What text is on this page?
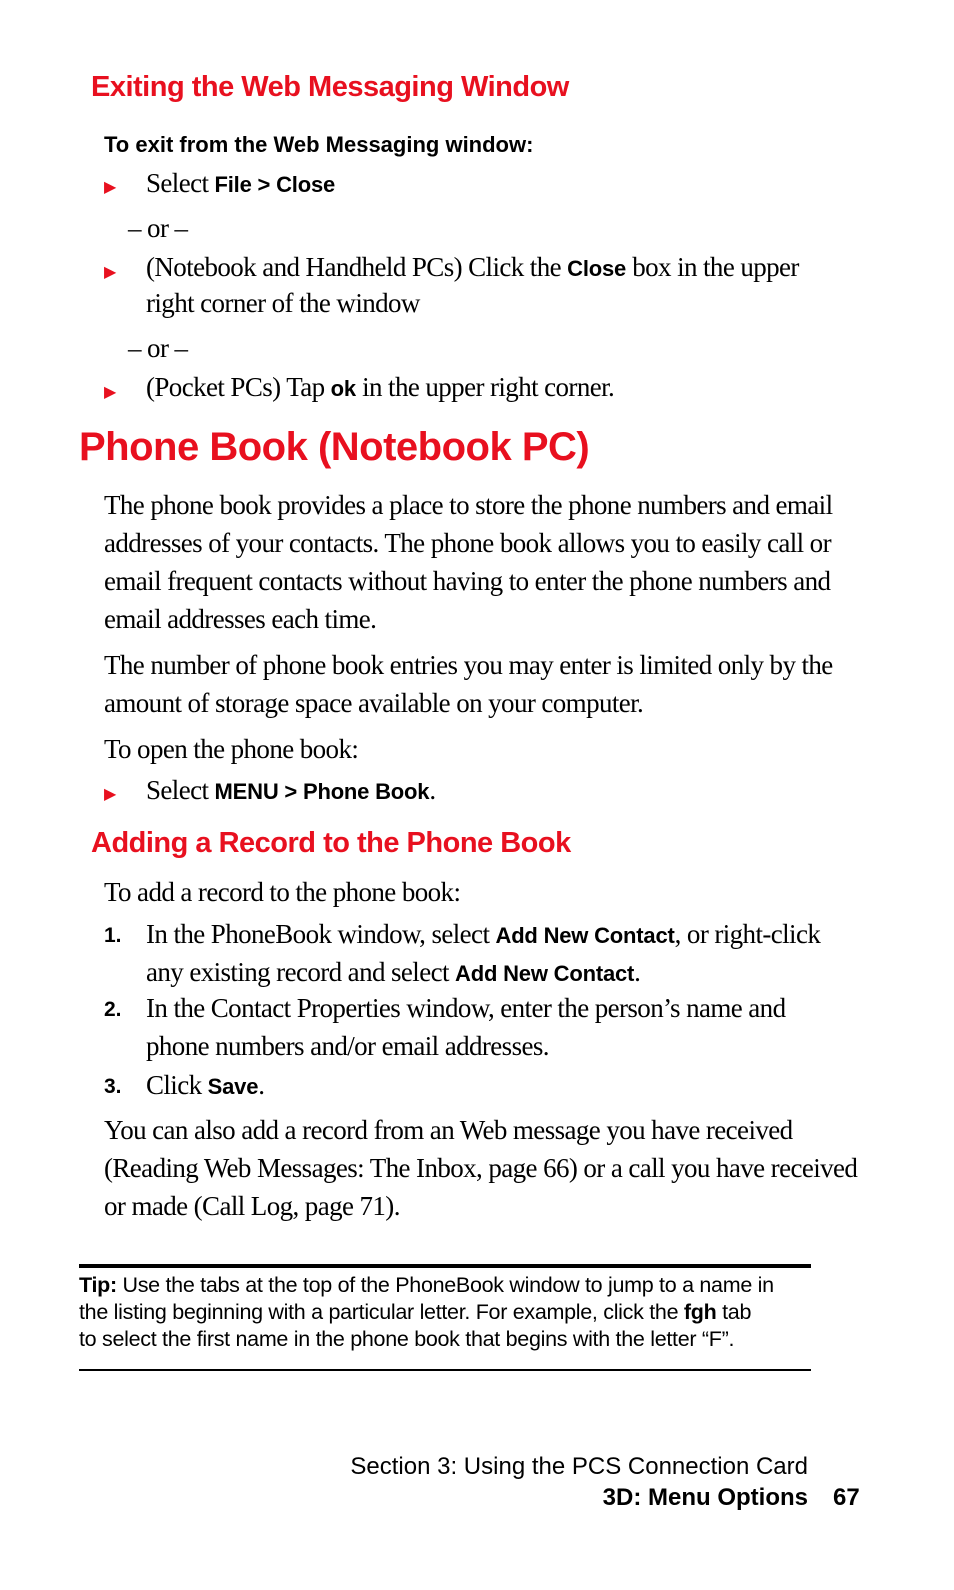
Exiting the Web Messaging Window
To exit from the Web Messaging window:
▶ Select File > Close
– or –
▶ (Notebook and Handheld PCs) Click the Close box in the upper
right corner of the window
– or –
▶ (Pocket PCs) Tap ok in the upper right corner.
Phone Book (Notebook PC)
The phone book provides a place to store the phone numbers and email
addresses of your contacts. The phone book allows you to easily call or
email frequent contacts without having to enter the phone numbers and
email addresses each time.
The number of phone book entries you may enter is limited only by the
amount of storage space available on your computer.
To open the phone book:
▶ Select MENU > Phone Book.
Adding a Record to the Phone Book
To add a record to the phone book:
1. In the PhoneBook window, select Add New Contact, or right-click
any existing record and select Add New Contact.
2. In the Contact Properties window, enter the person’s name and
phone numbers and/or email addresses.
3. Click Save.
You can also add a record from an Web message you have received
(Reading Web Messages: The Inbox, page 66) or a call you have received
or made (Call Log, page 71).
Tip: Use the tabs at the top of the PhoneBook window to jump to a name in
the listing beginning with a particular letter. For example, click the fgh tab
to select the first name in the phone book that begins with the letter “F”.
Section 3: Using the PCS Connection Card
3D: Menu Options 67
